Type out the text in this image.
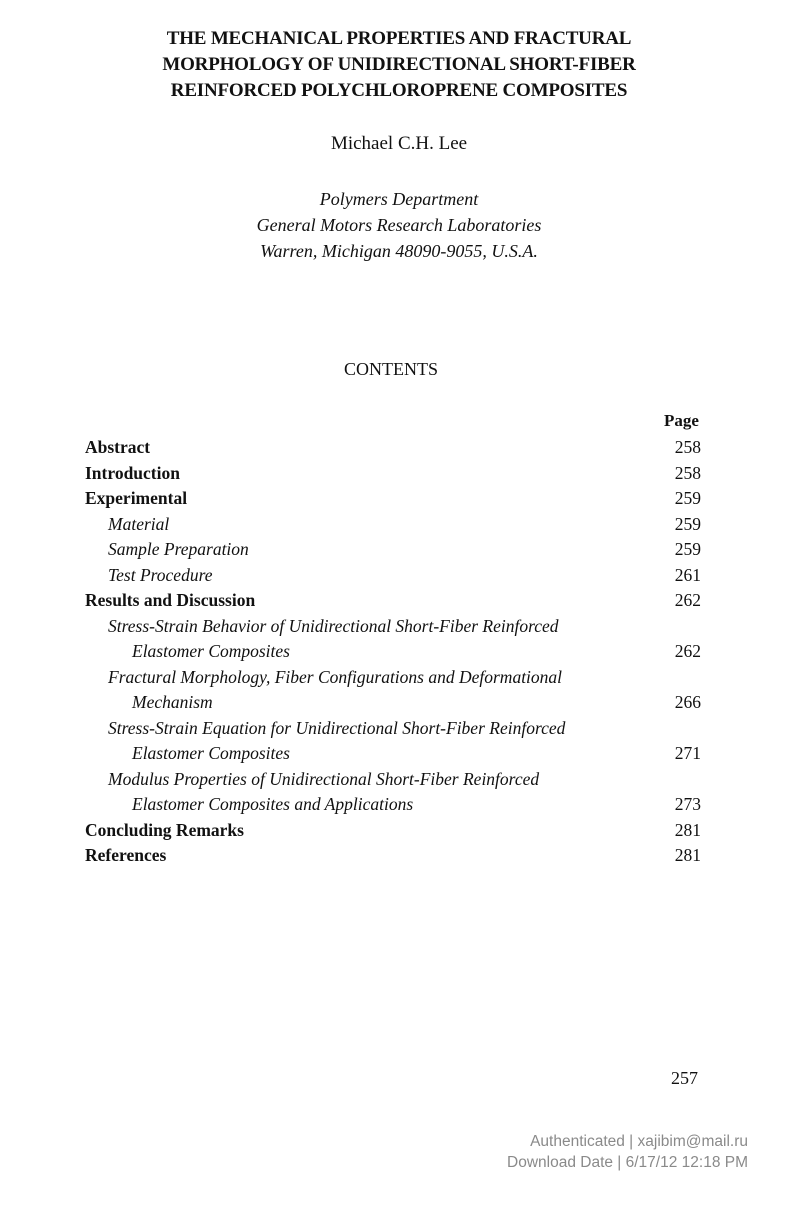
THE MECHANICAL PROPERTIES AND FRACTURAL
MORPHOLOGY OF UNIDIRECTIONAL SHORT-FIBER
REINFORCED POLYCHLOROPRENE COMPOSITES
Michael C.H. Lee
Polymers Department
General Motors Research Laboratories
Warren, Michigan 48090-9055, U.S.A.
CONTENTS
Page
Abstract	258
Introduction	258
Experimental	259
Material	259
Sample Preparation	259
Test Procedure	261
Results and Discussion	262
Stress-Strain Behavior of Unidirectional Short-Fiber Reinforced
Elastomer Composites	262
Fractural Morphology, Fiber Configurations and Deformational
Mechanism	266
Stress-Strain Equation for Unidirectional Short-Fiber Reinforced
Elastomer Composites	271
Modulus Properties of Unidirectional Short-Fiber Reinforced
Elastomer Composites and Applications	273
Concluding Remarks	281
References	281
257
Authenticated | xajibim@mail.ru
Download Date | 6/17/12 12:18 PM
